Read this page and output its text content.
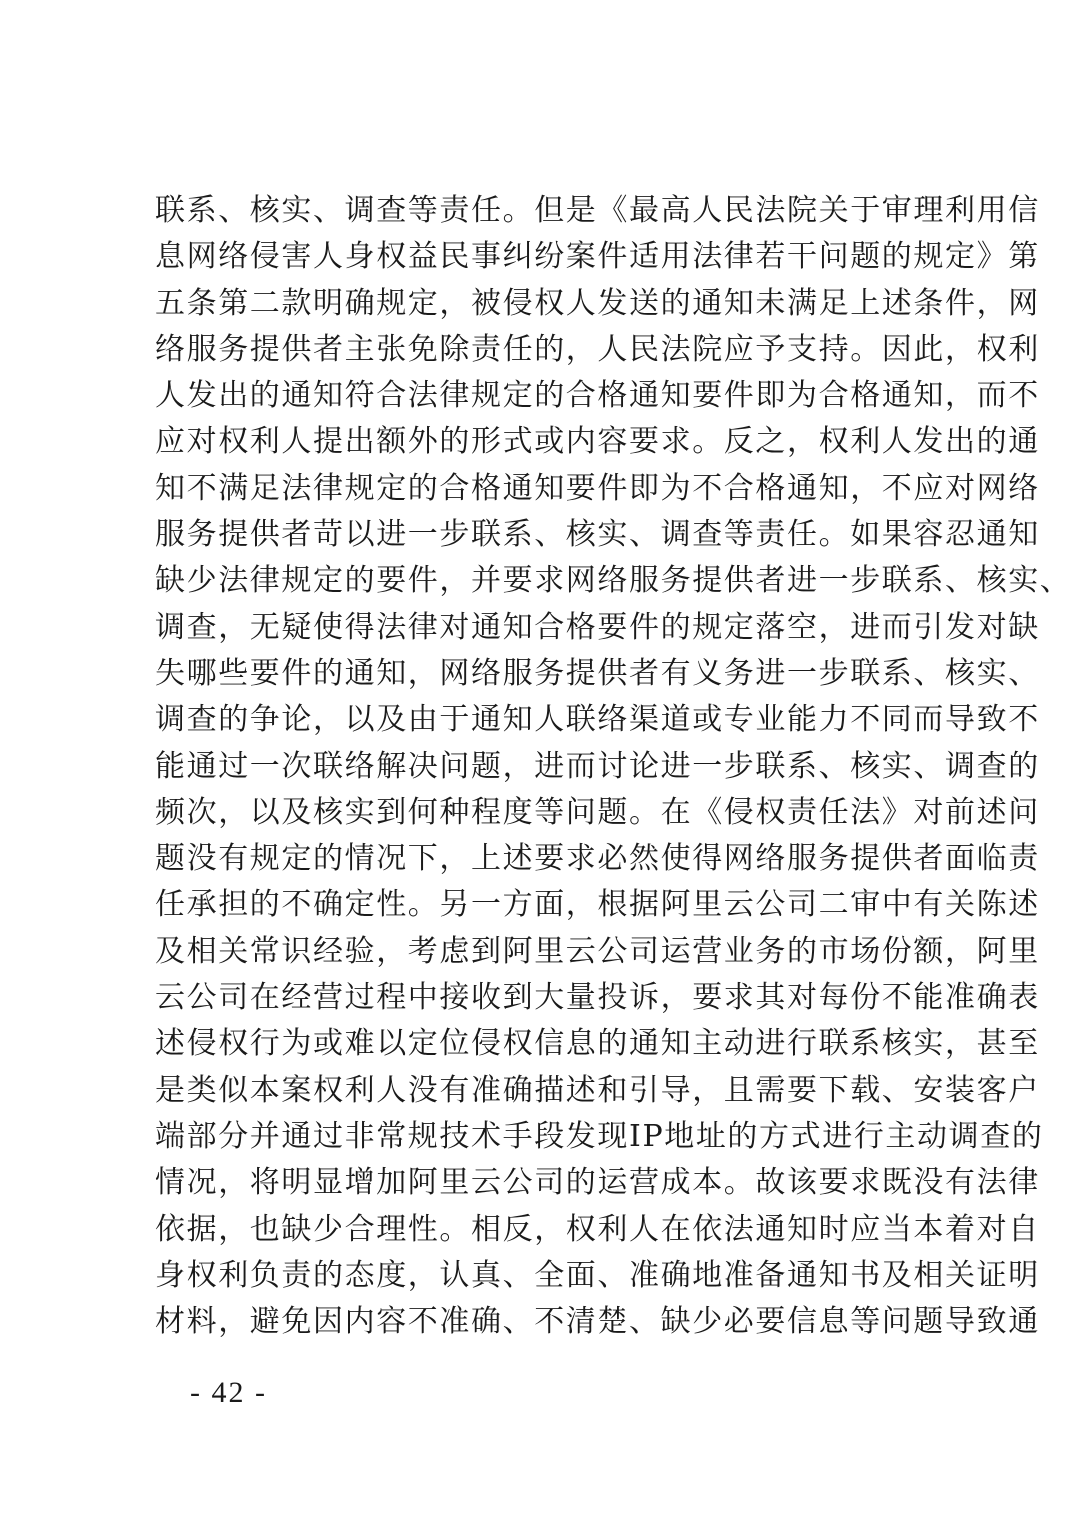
联系、核实、调查等责任。但是《最高人民法院关于审理利用信
息网络侵害人身权益民事纠纷案件适用法律若干问题的规定》第
五条第二款明确规定，被侵权人发送的通知未满足上述条件，网
络服务提供者主张免除责任的，人民法院应予支持。因此，权利
人发出的通知符合法律规定的合格通知要件即为合格通知，而不
应对权利人提出额外的形式或内容要求。反之，权利人发出的通
知不满足法律规定的合格通知要件即为不合格通知，不应对网络
服务提供者苛以进一步联系、核实、调查等责任。如果容忍通知
缺少法律规定的要件，并要求网络服务提供者进一步联系、核实、
调查，无疑使得法律对通知合格要件的规定落空，进而引发对缺
失哪些要件的通知，网络服务提供者有义务进一步联系、核实、
调查的争论，以及由于通知人联络渠道或专业能力不同而导致不
能通过一次联络解决问题，进而讨论进一步联系、核实、调查的
频次，以及核实到何种程度等问题。在《侵权责任法》对前述问
题没有规定的情况下，上述要求必然使得网络服务提供者面临责
任承担的不确定性。另一方面，根据阿里云公司二审中有关陈述
及相关常识经验，考虑到阿里云公司运营业务的市场份额，阿里
云公司在经营过程中接收到大量投诉，要求其对每份不能准确表
述侵权行为或难以定位侵权信息的通知主动进行联系核实，甚至
是类似本案权利人没有准确描述和引导，且需要下载、安装客户
端部分并通过非常规技术手段发现IP地址的方式进行主动调查的
情况，将明显增加阿里云公司的运营成本。故该要求既没有法律
依据，也缺少合理性。相反，权利人在依法通知时应当本着对自
身权利负责的态度，认真、全面、准确地准备通知书及相关证明
材料，避免因内容不准确、不清楚、缺少必要信息等问题导致通
- 42 -
